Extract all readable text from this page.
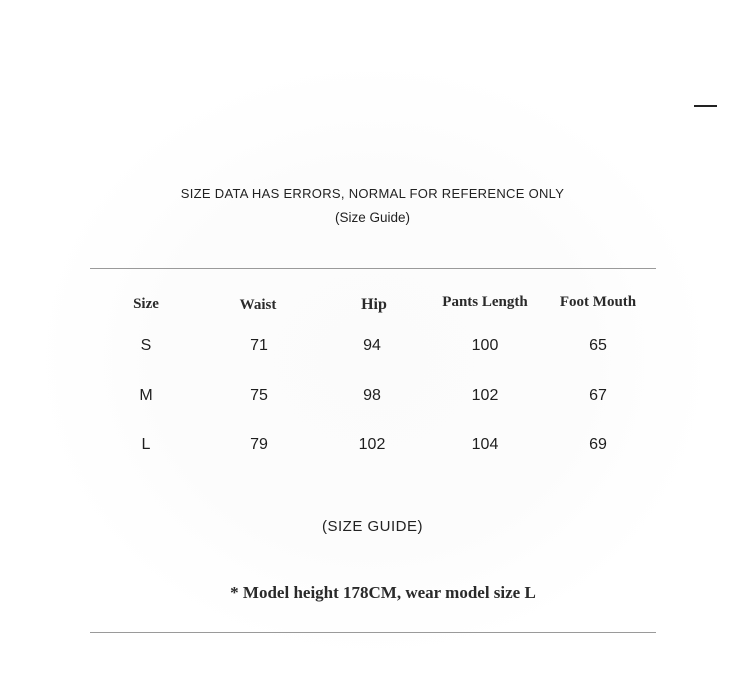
SIZE DATA HAS ERRORS, NORMAL FOR REFERENCE ONLY
(Size Guide)
Size	Waist	Hip	Pants Length	Foot Mouth
S	71	94	100	65
M	75	98	102	67
L	79	102	104	69
(SIZE GUIDE)
* Model height 178CM, wear model size L
